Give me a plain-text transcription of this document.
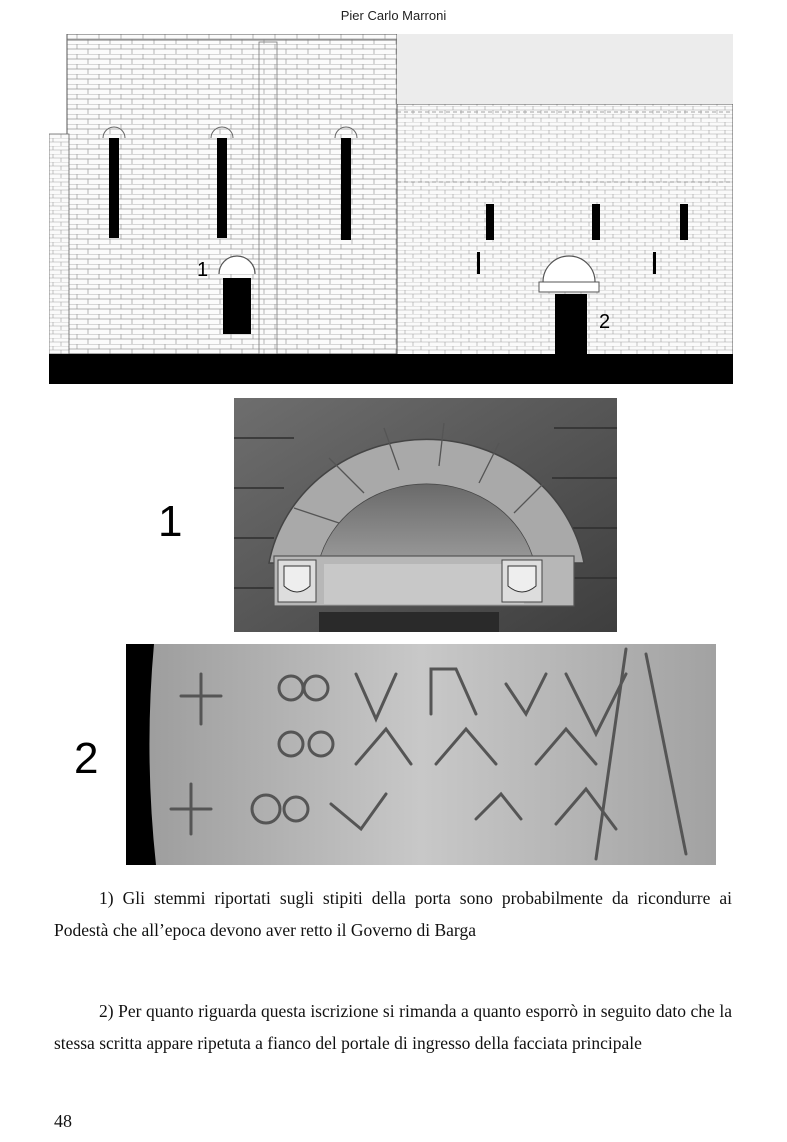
Pier Carlo Marroni
1
2
1
2

1) Gli stemmi riportati sugli stipiti della porta sono probabilmente da ricondurre ai Podestà che all’epoca devono aver retto il Governo di Barga

2) Per quanto riguarda questa iscrizione si rimanda a quanto esporrò in seguito dato che la stessa scritta appare ripetuta a fianco del portale di ingresso della facciata principale

48
